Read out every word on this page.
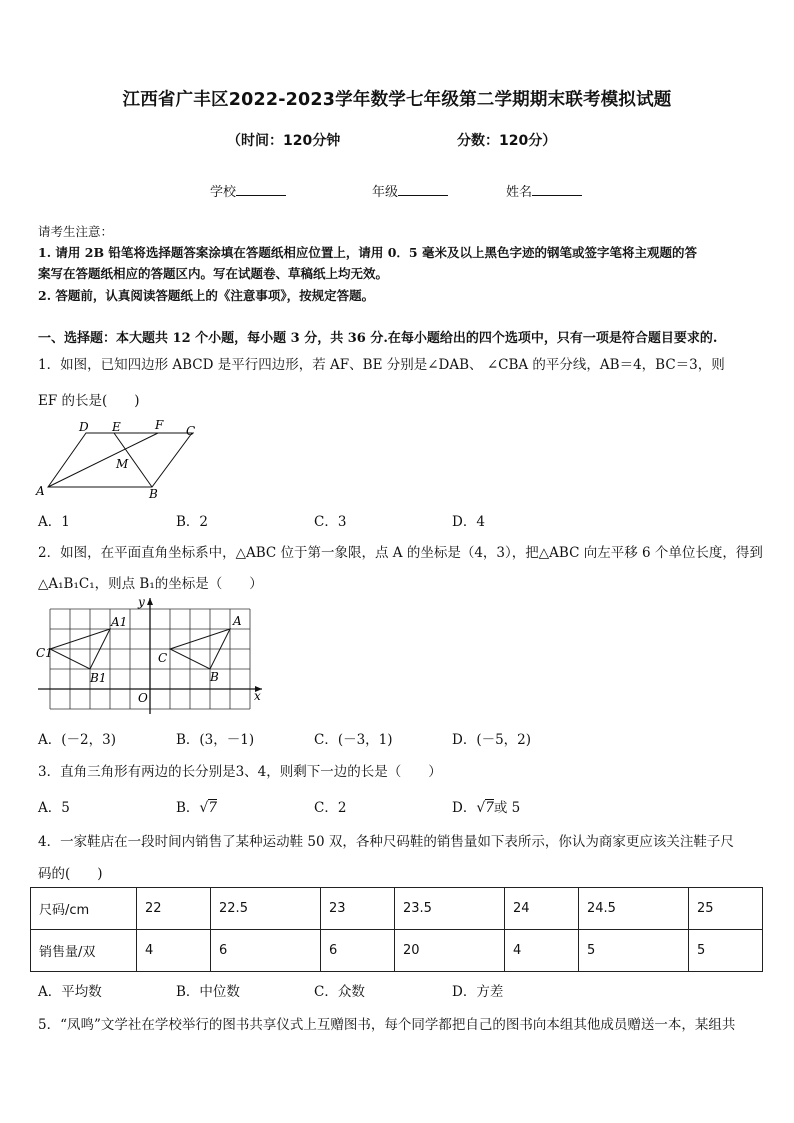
江西省广丰区2022-2023学年数学七年级第二学期期末联考模拟试题
（时间：120分钟	分数：120分）
学校	年级	姓名
请考生注意：
1. 请用 2B 铅笔将选择题答案涂填在答题纸相应位置上，请用 0．5 毫米及以上黑色字迹的钢笔或签字笔将主观题的答
案写在答题纸相应的答题区内。写在试题卷、草稿纸上均无效。
2. 答题前，认真阅读答题纸上的《注意事项》，按规定答题。
一、选择题：本大题共 12 个小题，每小题 3 分，共 36 分.在每小题给出的四个选项中，只有一项是符合题目要求的.
1．如图，已知四边形 ABCD 是平行四边形，若 AF、BE 分别是∠DAB、 ∠CBA 的平分线，AB＝4，BC＝3，则
EF 的长是(　　)
D E	F C
M
A	B
A．1	B．2	C．3	D．4
2．如图，在平面直角坐标系中，△ABC 位于第一象限，点 A 的坐标是（4，3），把△ABC 向左平移 6 个单位长度，得到
△A₁B₁C₁，则点 B₁的坐标是（　　）
y
x
O
A1
C1
B1
A
C
B
A．(－2，3)	B．(3，－1)	C．(－3，1)	D．(－5，2)
3．直角三角形有两边的长分别是3、4，则剩下一边的长是（　　）
A．5	B．√7	C．2	D．√7或 5
4．一家鞋店在一段时间内销售了某种运动鞋 50 双，各种尺码鞋的销售量如下表所示，你认为商家更应该关注鞋子尺
码的(　　)
尺码/cm	22	22.5	23	23.5	24	24.5	25
销售量/双	4	6	6	20	4	5	5
A．平均数	B．中位数	C．众数	D．方差
5．“凤鸣”文学社在学校举行的图书共享仪式上互赠图书，每个同学都把自己的图书向本组其他成员赠送一本，某组共
